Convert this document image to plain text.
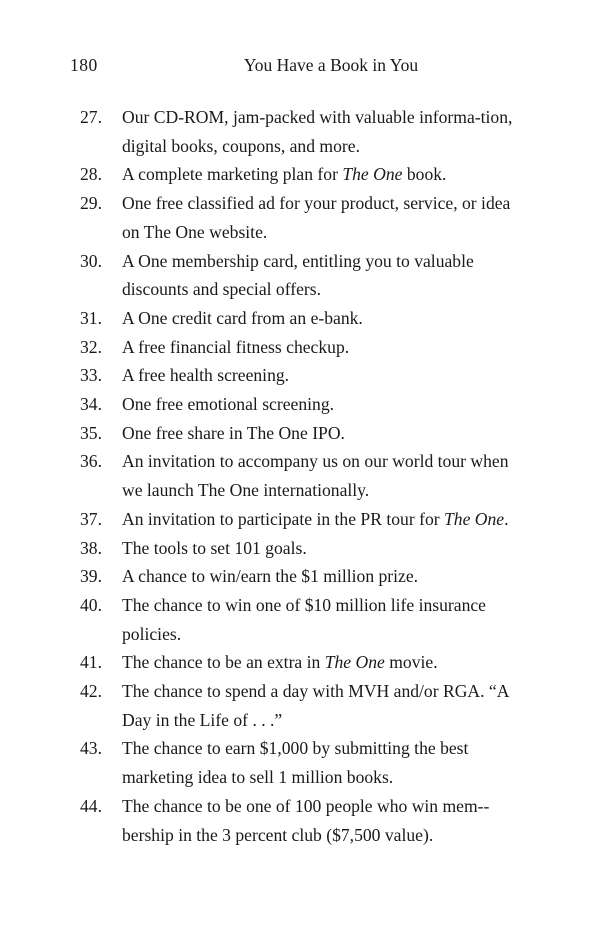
180	You Have a Book in You
27. Our CD-ROM, jam-packed with valuable informa-tion, digital books, coupons, and more.
28. A complete marketing plan for The One book.
29. One free classified ad for your product, service, or idea on The One website.
30. A One membership card, entitling you to valuable discounts and special offers.
31. A One credit card from an e-bank.
32. A free financial fitness checkup.
33. A free health screening.
34. One free emotional screening.
35. One free share in The One IPO.
36. An invitation to accompany us on our world tour when we launch The One internationally.
37. An invitation to participate in the PR tour for The One.
38. The tools to set 101 goals.
39. A chance to win/earn the $1 million prize.
40. The chance to win one of $10 million life insurance policies.
41. The chance to be an extra in The One movie.
42. The chance to spend a day with MVH and/or RGA. “A Day in the Life of . . .”
43. The chance to earn $1,000 by submitting the best marketing idea to sell 1 million books.
44. The chance to be one of 100 people who win mem-bership in the 3 percent club ($7,500 value).
